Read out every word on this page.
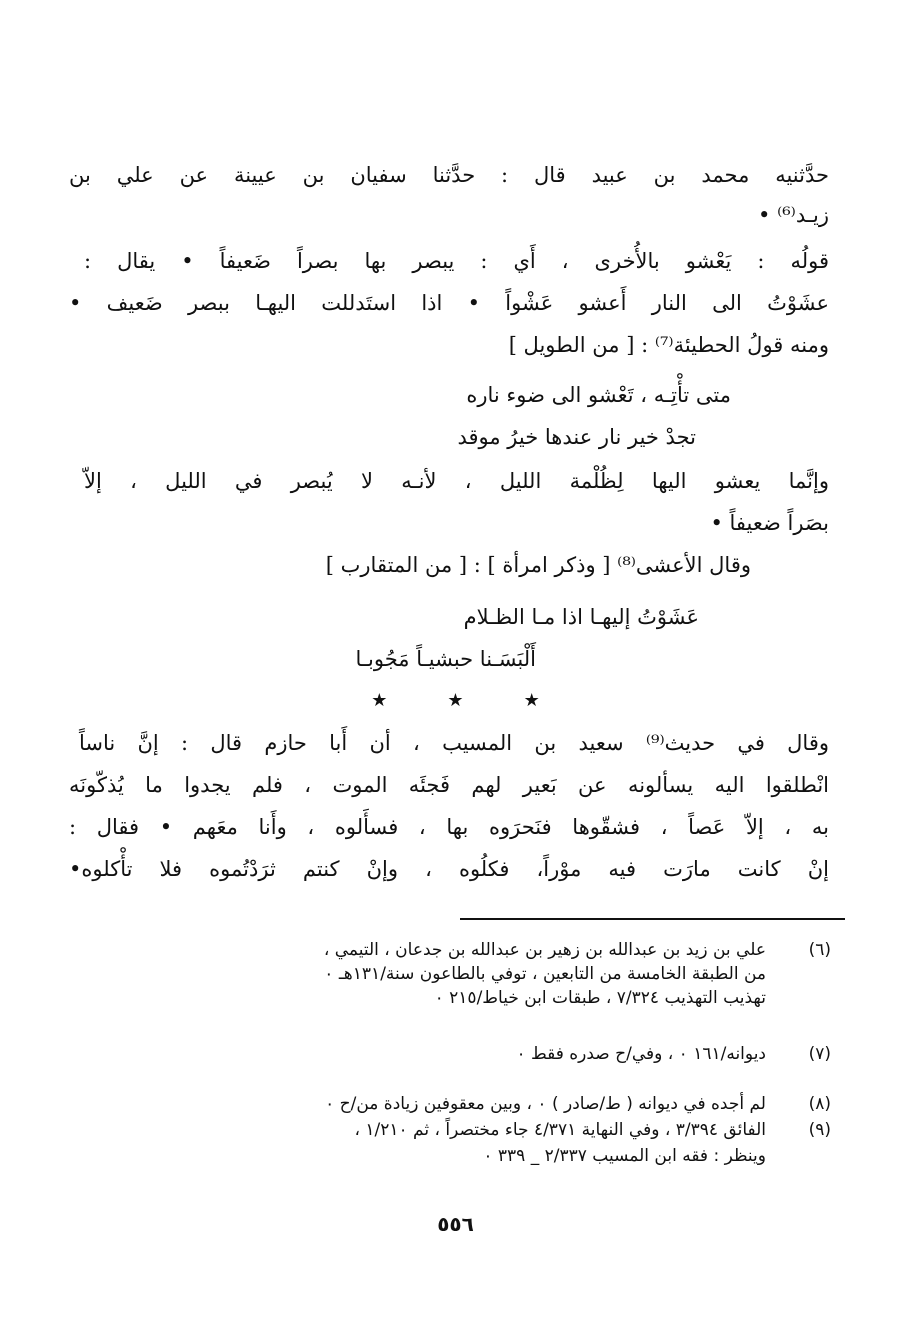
حدَّثنيه محمد بن عبيد قال : حدَّثنا سفيان بن عيينة عن علي بن
زيـد⁽⁶⁾ •
قولُه : يَعْشو بالأُخرى ، أَي : يبصر بها بصراً ضَعيفاً • يقال :
عشَوْتُ الى النار أَعشو عَشْواً • اذا استَدللت اليهـا ببصر ضَعيف •
ومنه قولُ الحطيئة⁽⁷⁾ : [ من الطويل ]
متى تأْتِـه ، تَعْشو الى ضوء ناره
تجدْ خير نار عندها خيرُ موقد
وإنَّما يعشو اليها لِظُلْمة الليل ، لأنـه لا يُبصر في الليل ، إلاّ
بصَراً ضعيفاً •
وقال الأعشى⁽⁸⁾ [ وذكر امرأة ] : [ من المتقارب ]
عَشَوْتُ إليهـا اذا مـا الظـلام
أَلْبَسَـنا حبشيـاً مَجُوبـا
★	★	★
وقال في حديث⁽⁹⁾ سعيد بن المسيب ، أن أَبا حازم قال : إنَّ ناساً
انْطلقوا اليه يسألونه عن بَعير لهم فَجئَه الموت ، فلم يجدوا ما يُذكّونَه
به ، إلاّ عَصاً ، فشقّوها فنَحرَوه بها ، فسأَلوه ، وأَنا معَهم • فقال :
إنْ كانت مارَت فيه موْراً، فكلُوه ، وإنْ كنتم ثرَدْتُموه فلا تأْكلوه•
(٦)
علي بن زيد بن عبدالله بن زهير بن عبدالله بن جدعان ، التيمي ،
من الطبقة الخامسة من التابعين ، توفي بالطاعون سنة/١٣١هـ ٠
تهذيب التهذيب ٧/٣٢٤ ، طبقات ابن خياط/٢١٥ ٠
(٧)
ديوانه/١٦١ ٠ ، وفي/ح صدره فقط ٠
(٨)
لم أجده في ديوانه ( ط/صادر ) ٠ ، وبين معقوفين زيادة من/ح ٠
(٩)
الفائق ٣/٣٩٤ ، وفي النهاية ٤/٣٧١ جاء مختصراً ، ثم ١/٢١٠ ،
وينظر : فقه ابن المسيب ٢/٣٣٧ _ ٣٣٩ ٠
٥٥٦
